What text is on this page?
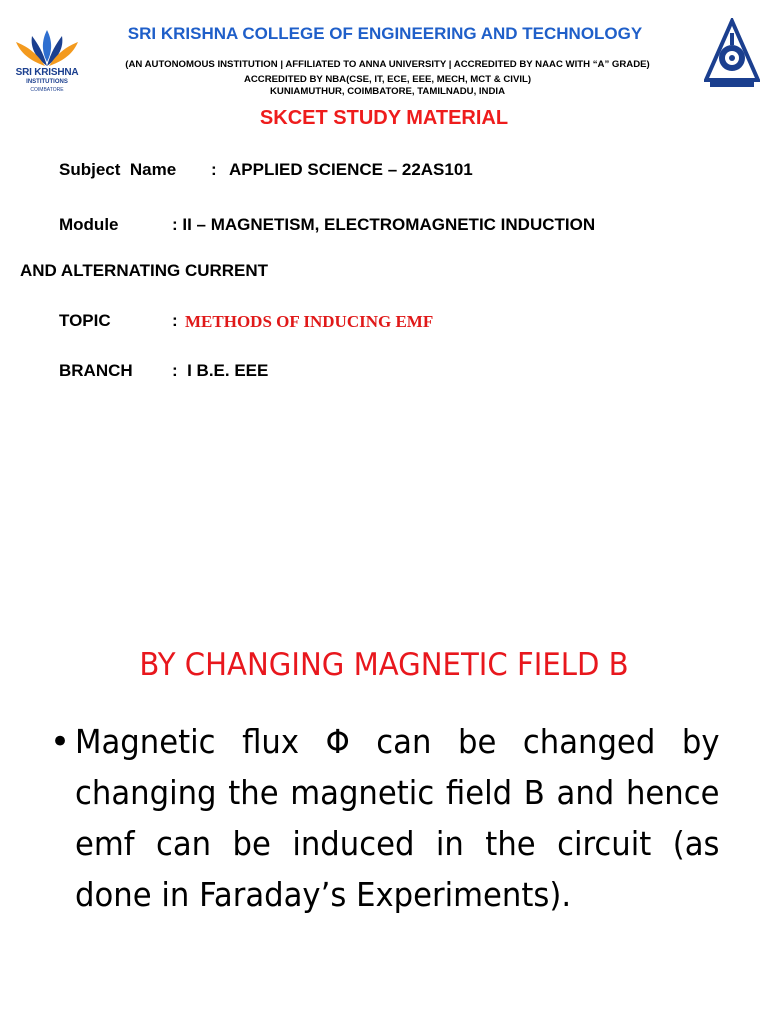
SRI KRISHNA
INSTITUTIONS
COIMBATORE
SRI KRISHNA COLLEGE OF ENGINEERING AND TECHNOLOGY
(AN AUTONOMOUS INSTITUTION | AFFILIATED TO ANNA UNIVERSITY | ACCREDITED BY NAAC WITH “A” GRADE)
ACCREDITED BY NBA(CSE, IT, ECE, EEE, MECH, MCT & CIVIL)
KUNIAMUTHUR, COIMBATORE, TAMILNADU, INDIA
SKCET STUDY MATERIAL
Subject  Name : APPLIED SCIENCE – 22AS101
Module	: II – MAGNETISM, ELECTROMAGNETIC INDUCTION
AND ALTERNATING CURRENT
TOPIC	: METHODS OF INDUCING EMF
BRANCH :  I B.E. EEE
BY CHANGING MAGNETIC FIELD B
• Magnetic flux Φ can be changed by changing the magnetic field B and hence emf can be induced in the circuit (as done in Faraday’s Experiments).
